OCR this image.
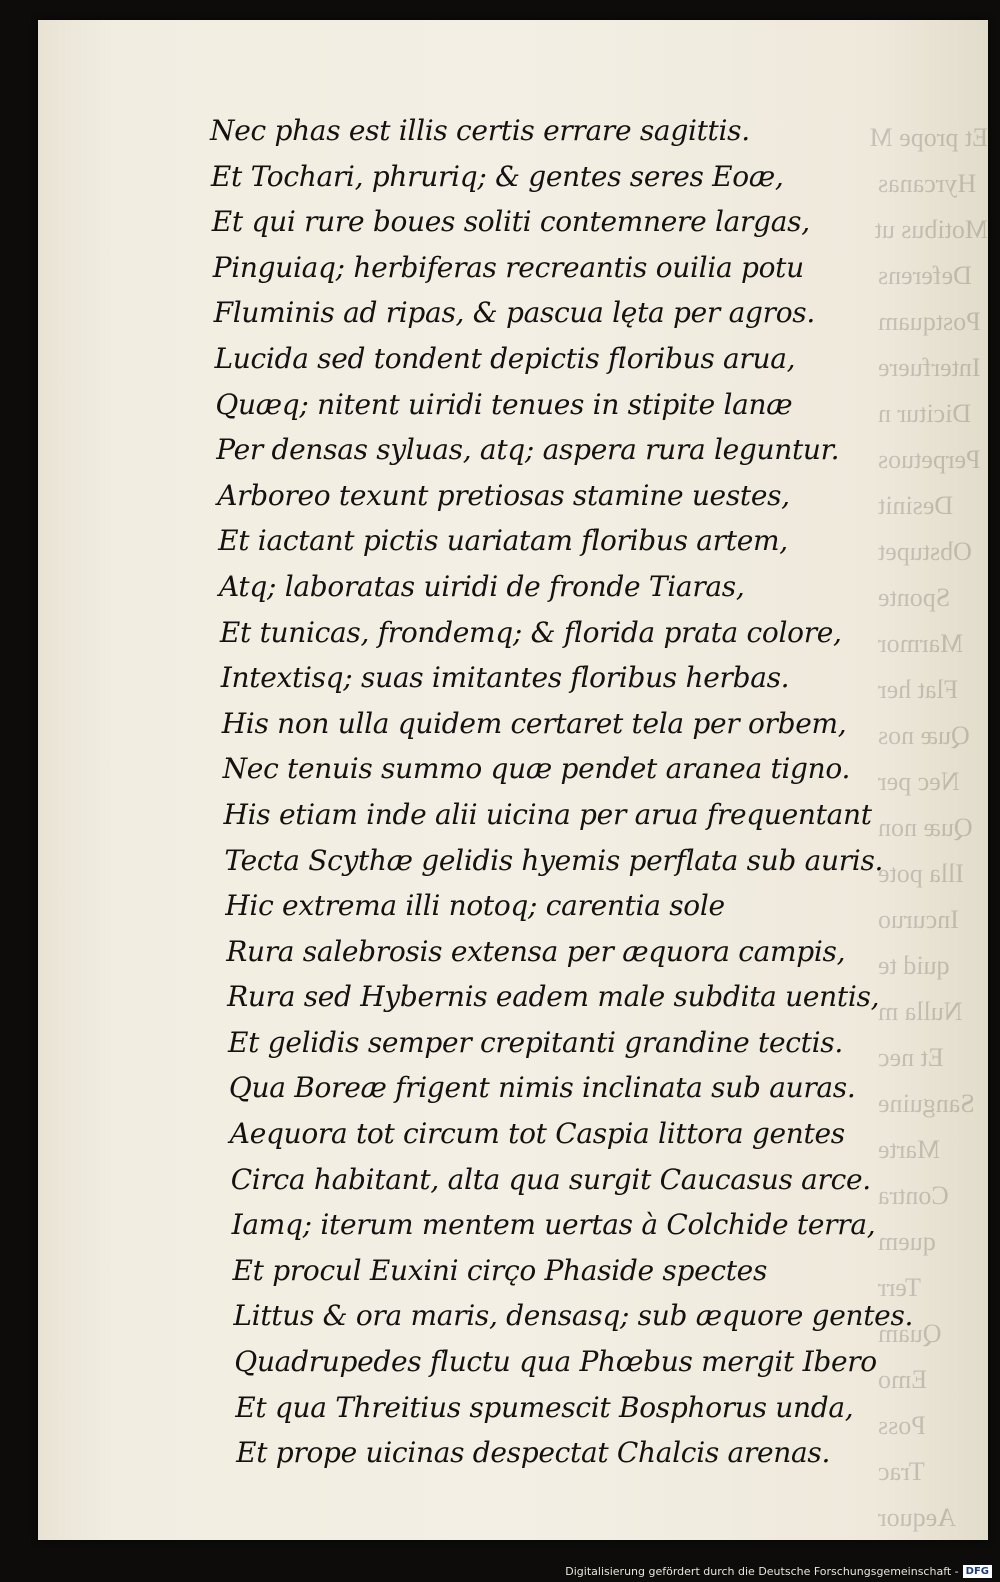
Et prope M
Hyrcanas
Motibus ut
Deferens
Postquam
Interfuere
Dicitur n
Perpetuos
Desinit
Obstupet
Sponte
Marmor
Flat her
Quæ nos
Nec per
Quæ non
Illa pote
Incuruo
quid te
Nulla m
Et nec
Sanguine
Marte
Contra
quem
Terr
Quam
Emo
Poss
Trac
Aequor
Nec phas est illis certis errare sagittis.
Et Tochari, phruriq; & gentes seres Eoæ,
Et qui rure boues soliti contemnere largas,
Pinguiaq; herbiferas recreantis ouilia potu
Fluminis ad ripas, & pascua lęta per agros.
Lucida sed tondent depictis floribus arua,
Quæq; nitent uiridi tenues in stipite lanæ
Per densas syluas, atq; aspera rura leguntur.
Arboreo texunt pretiosas stamine uestes,
Et iactant pictis uariatam floribus artem,
Atq; laboratas uiridi de fronde Tiaras,
Et tunicas, frondemq; & florida prata colore,
Intextisq; suas imitantes floribus herbas.
His non ulla quidem certaret tela per orbem,
Nec tenuis summo quæ pendet aranea tigno.
His etiam inde alii uicina per arua frequentant
Tecta Scythæ gelidis hyemis perflata sub auris.
Hic extrema illi notoq; carentia sole
Rura salebrosis extensa per æquora campis,
Rura sed Hybernis eadem male subdita uentis,
Et gelidis semper crepitanti grandine tectis.
Qua Boreæ frigent nimis inclinata sub auras.
Aequora tot circum tot Caspia littora gentes
Circa habitant, alta qua surgit Caucasus arce.
Iamq; iterum mentem uertas à Colchide terra,
Et procul Euxini circ̨o Phaside spectes
Littus & ora maris, densasq; sub æquore gentes.
Quadrupedes fluctu qua Phœbus mergit Ibero
Et qua Threitius spumescit Bosphorus unda,
Et prope uicinas despectat Chalcis arenas.
Digitalisierung gefördert durch die Deutsche Forschungsgemeinschaft - DFG
